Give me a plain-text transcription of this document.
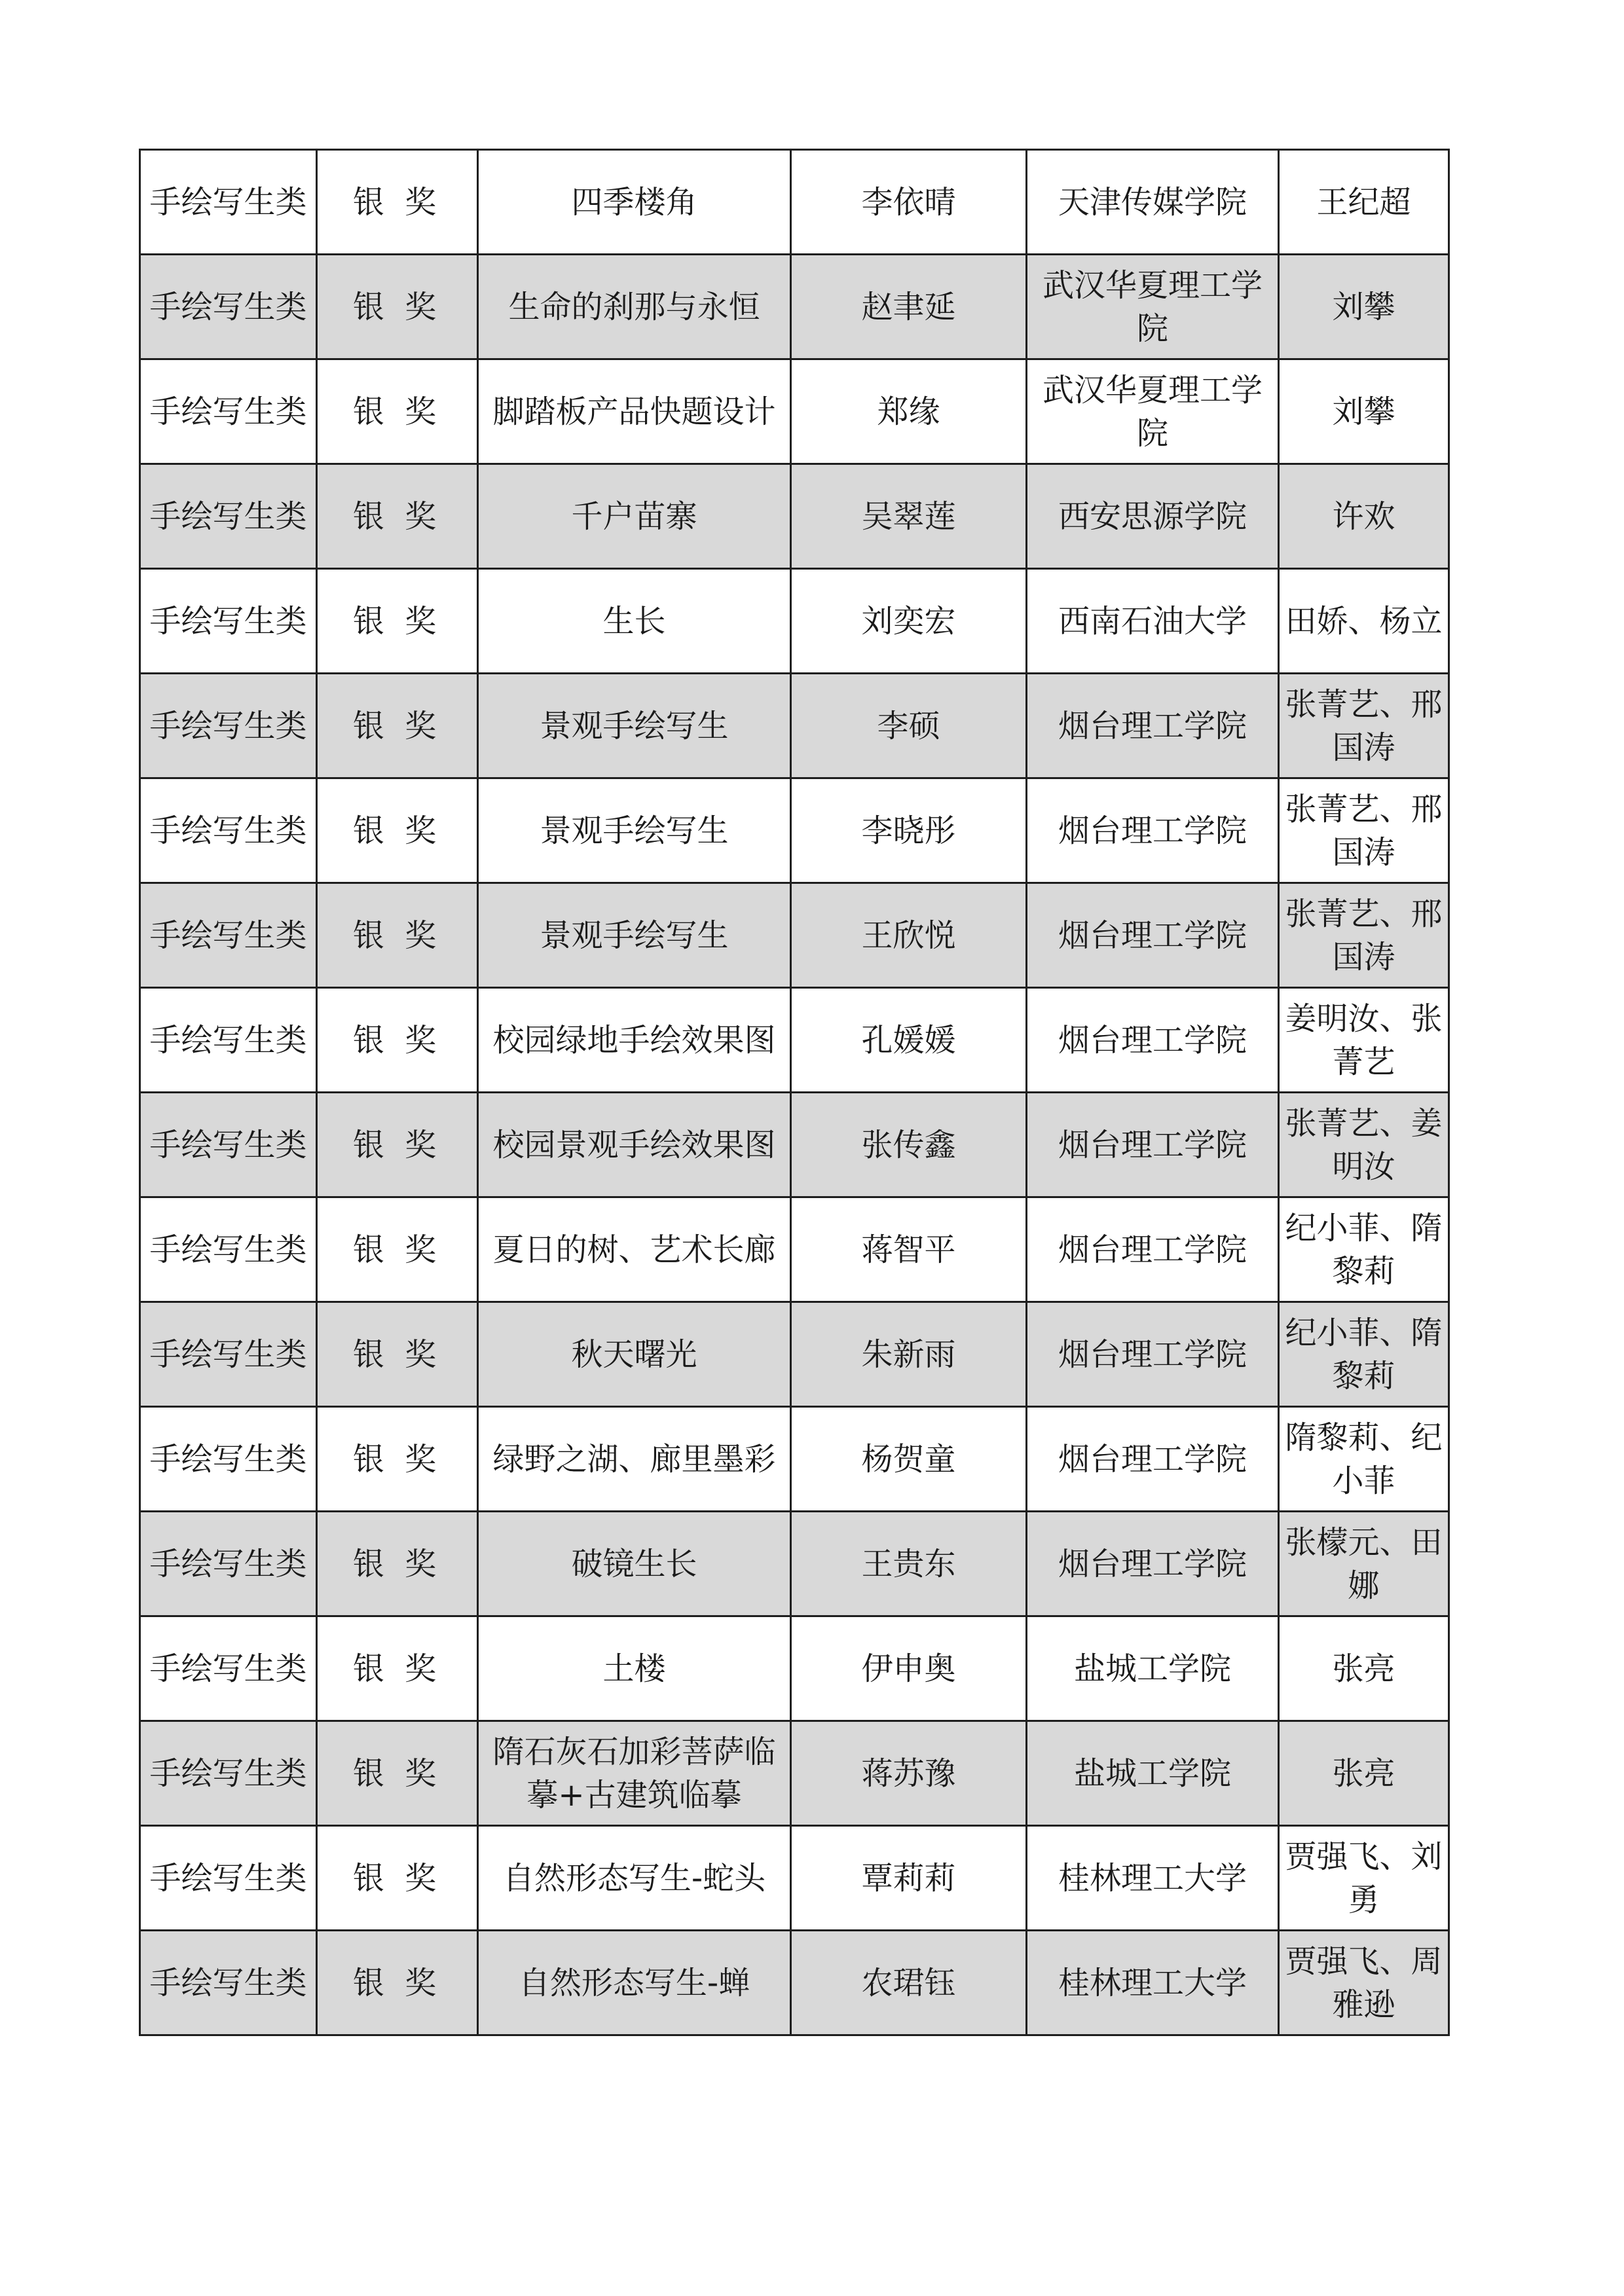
手绘写生类	银 奖	四季楼角	李依晴	天津传媒学院	王纪超
手绘写生类	银 奖	生命的刹那与永恒	赵聿延	武汉华夏理工学院	刘攀
手绘写生类	银 奖	脚踏板产品快题设计	郑缘	武汉华夏理工学院	刘攀
手绘写生类	银 奖	千户苗寨	吴翠莲	西安思源学院	许欢
手绘写生类	银 奖	生长	刘奕宏	西南石油大学	田娇、杨立
手绘写生类	银 奖	景观手绘写生	李硕	烟台理工学院	张菁艺、邢国涛
手绘写生类	银 奖	景观手绘写生	李晓彤	烟台理工学院	张菁艺、邢国涛
手绘写生类	银 奖	景观手绘写生	王欣悦	烟台理工学院	张菁艺、邢国涛
手绘写生类	银 奖	校园绿地手绘效果图	孔媛媛	烟台理工学院	姜明汝、张菁艺
手绘写生类	银 奖	校园景观手绘效果图	张传鑫	烟台理工学院	张菁艺、姜明汝
手绘写生类	银 奖	夏日的树、艺术长廊	蒋智平	烟台理工学院	纪小菲、隋黎莉
手绘写生类	银 奖	秋天曙光	朱新雨	烟台理工学院	纪小菲、隋黎莉
手绘写生类	银 奖	绿野之湖、廊里墨彩	杨贺童	烟台理工学院	隋黎莉、纪小菲
手绘写生类	银 奖	破镜生长	王贵东	烟台理工学院	张檬元、田娜
手绘写生类	银 奖	土楼	伊申奥	盐城工学院	张亮
手绘写生类	银 奖	隋石灰石加彩菩萨临摹+古建筑临摹	蒋苏豫	盐城工学院	张亮
手绘写生类	银 奖	自然形态写生-蛇头	覃莉莉	桂林理工大学	贾强飞、刘 勇
手绘写生类	银 奖	自然形态写生-蝉	农珺钰	桂林理工大学	贾强飞、周雅逊
